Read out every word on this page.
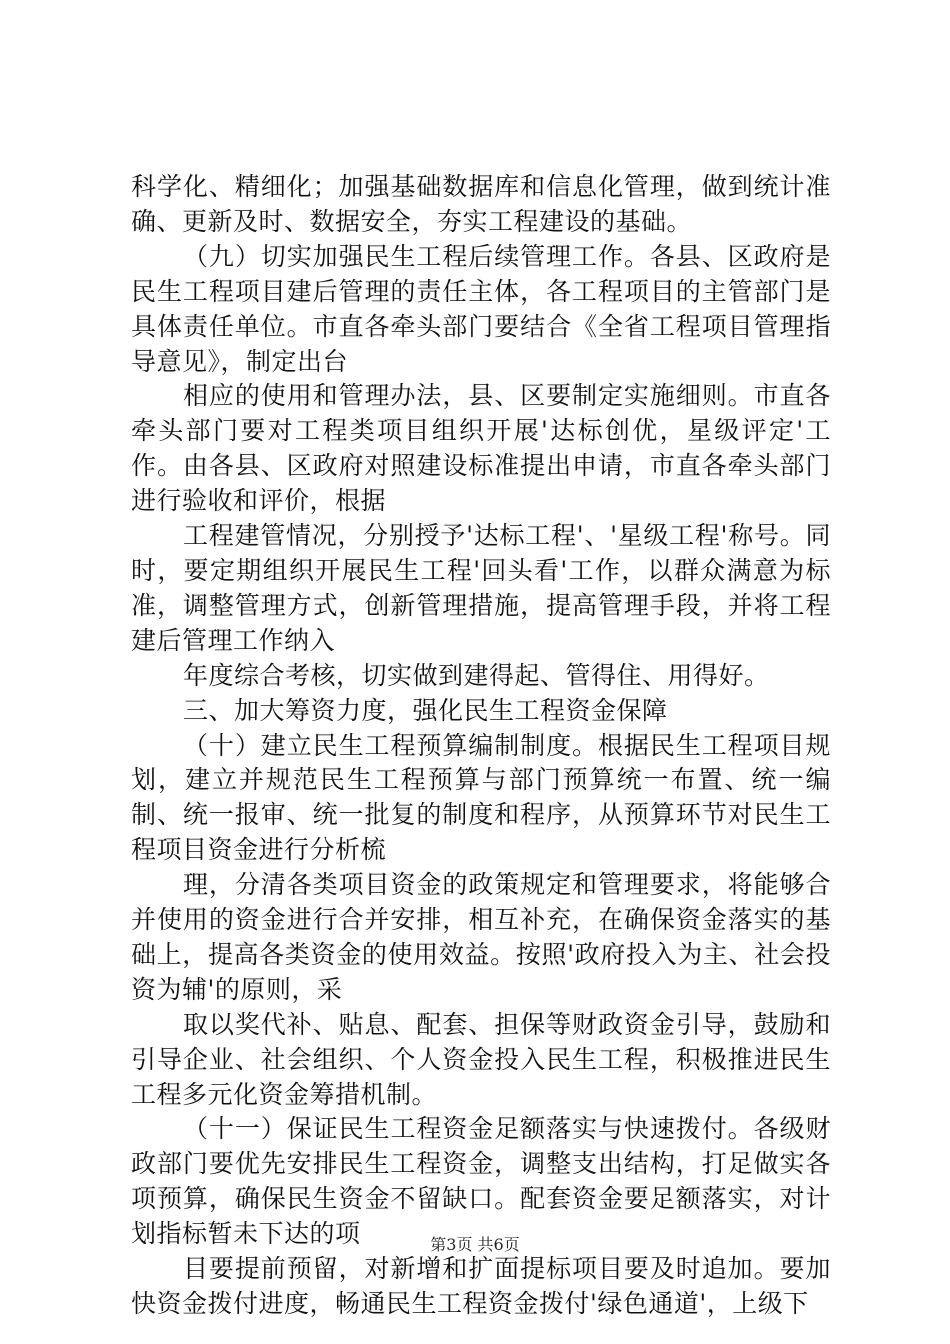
科学化、精细化；加强基础数据库和信息化管理，做到统计准确、更新及时、数据安全，夯实工程建设的基础。

（九）切实加强民生工程后续管理工作。各县、区政府是民生工程项目建后管理的责任主体，各工程项目的主管部门是具体责任单位。市直各牵头部门要结合《全省工程项目管理指导意见》，制定出台

相应的使用和管理办法，县、区要制定实施细则。市直各牵头部门要对工程类项目组织开展'达标创优，星级评定'工作。由各县、区政府对照建设标准提出申请，市直各牵头部门进行验收和评价，根据

工程建管情况，分别授予'达标工程'、'星级工程'称号。同时，要定期组织开展民生工程'回头看'工作，以群众满意为标准，调整管理方式，创新管理措施，提高管理手段，并将工程建后管理工作纳入

年度综合考核，切实做到建得起、管得住、用得好。

三、加大筹资力度，强化民生工程资金保障

（十）建立民生工程预算编制制度。根据民生工程项目规划，建立并规范民生工程预算与部门预算统一布置、统一编制、统一报审、统一批复的制度和程序，从预算环节对民生工程项目资金进行分析梳

理，分清各类项目资金的政策规定和管理要求，将能够合并使用的资金进行合并安排，相互补充，在确保资金落实的基础上，提高各类资金的使用效益。按照'政府投入为主、社会投资为辅'的原则，采

取以奖代补、贴息、配套、担保等财政资金引导，鼓励和引导企业、社会组织、个人资金投入民生工程，积极推进民生工程多元化资金筹措机制。

（十一）保证民生工程资金足额落实与快速拨付。各级财政部门要优先安排民生工程资金，调整支出结构，打足做实各项预算，确保民生资金不留缺口。配套资金要足额落实，对计划指标暂未下达的项

目要提前预留，对新增和扩面提标项目要及时追加。要加快资金拨付进度，畅通民生工程资金拨付'绿色通道'，上级下

第3页 共6页
